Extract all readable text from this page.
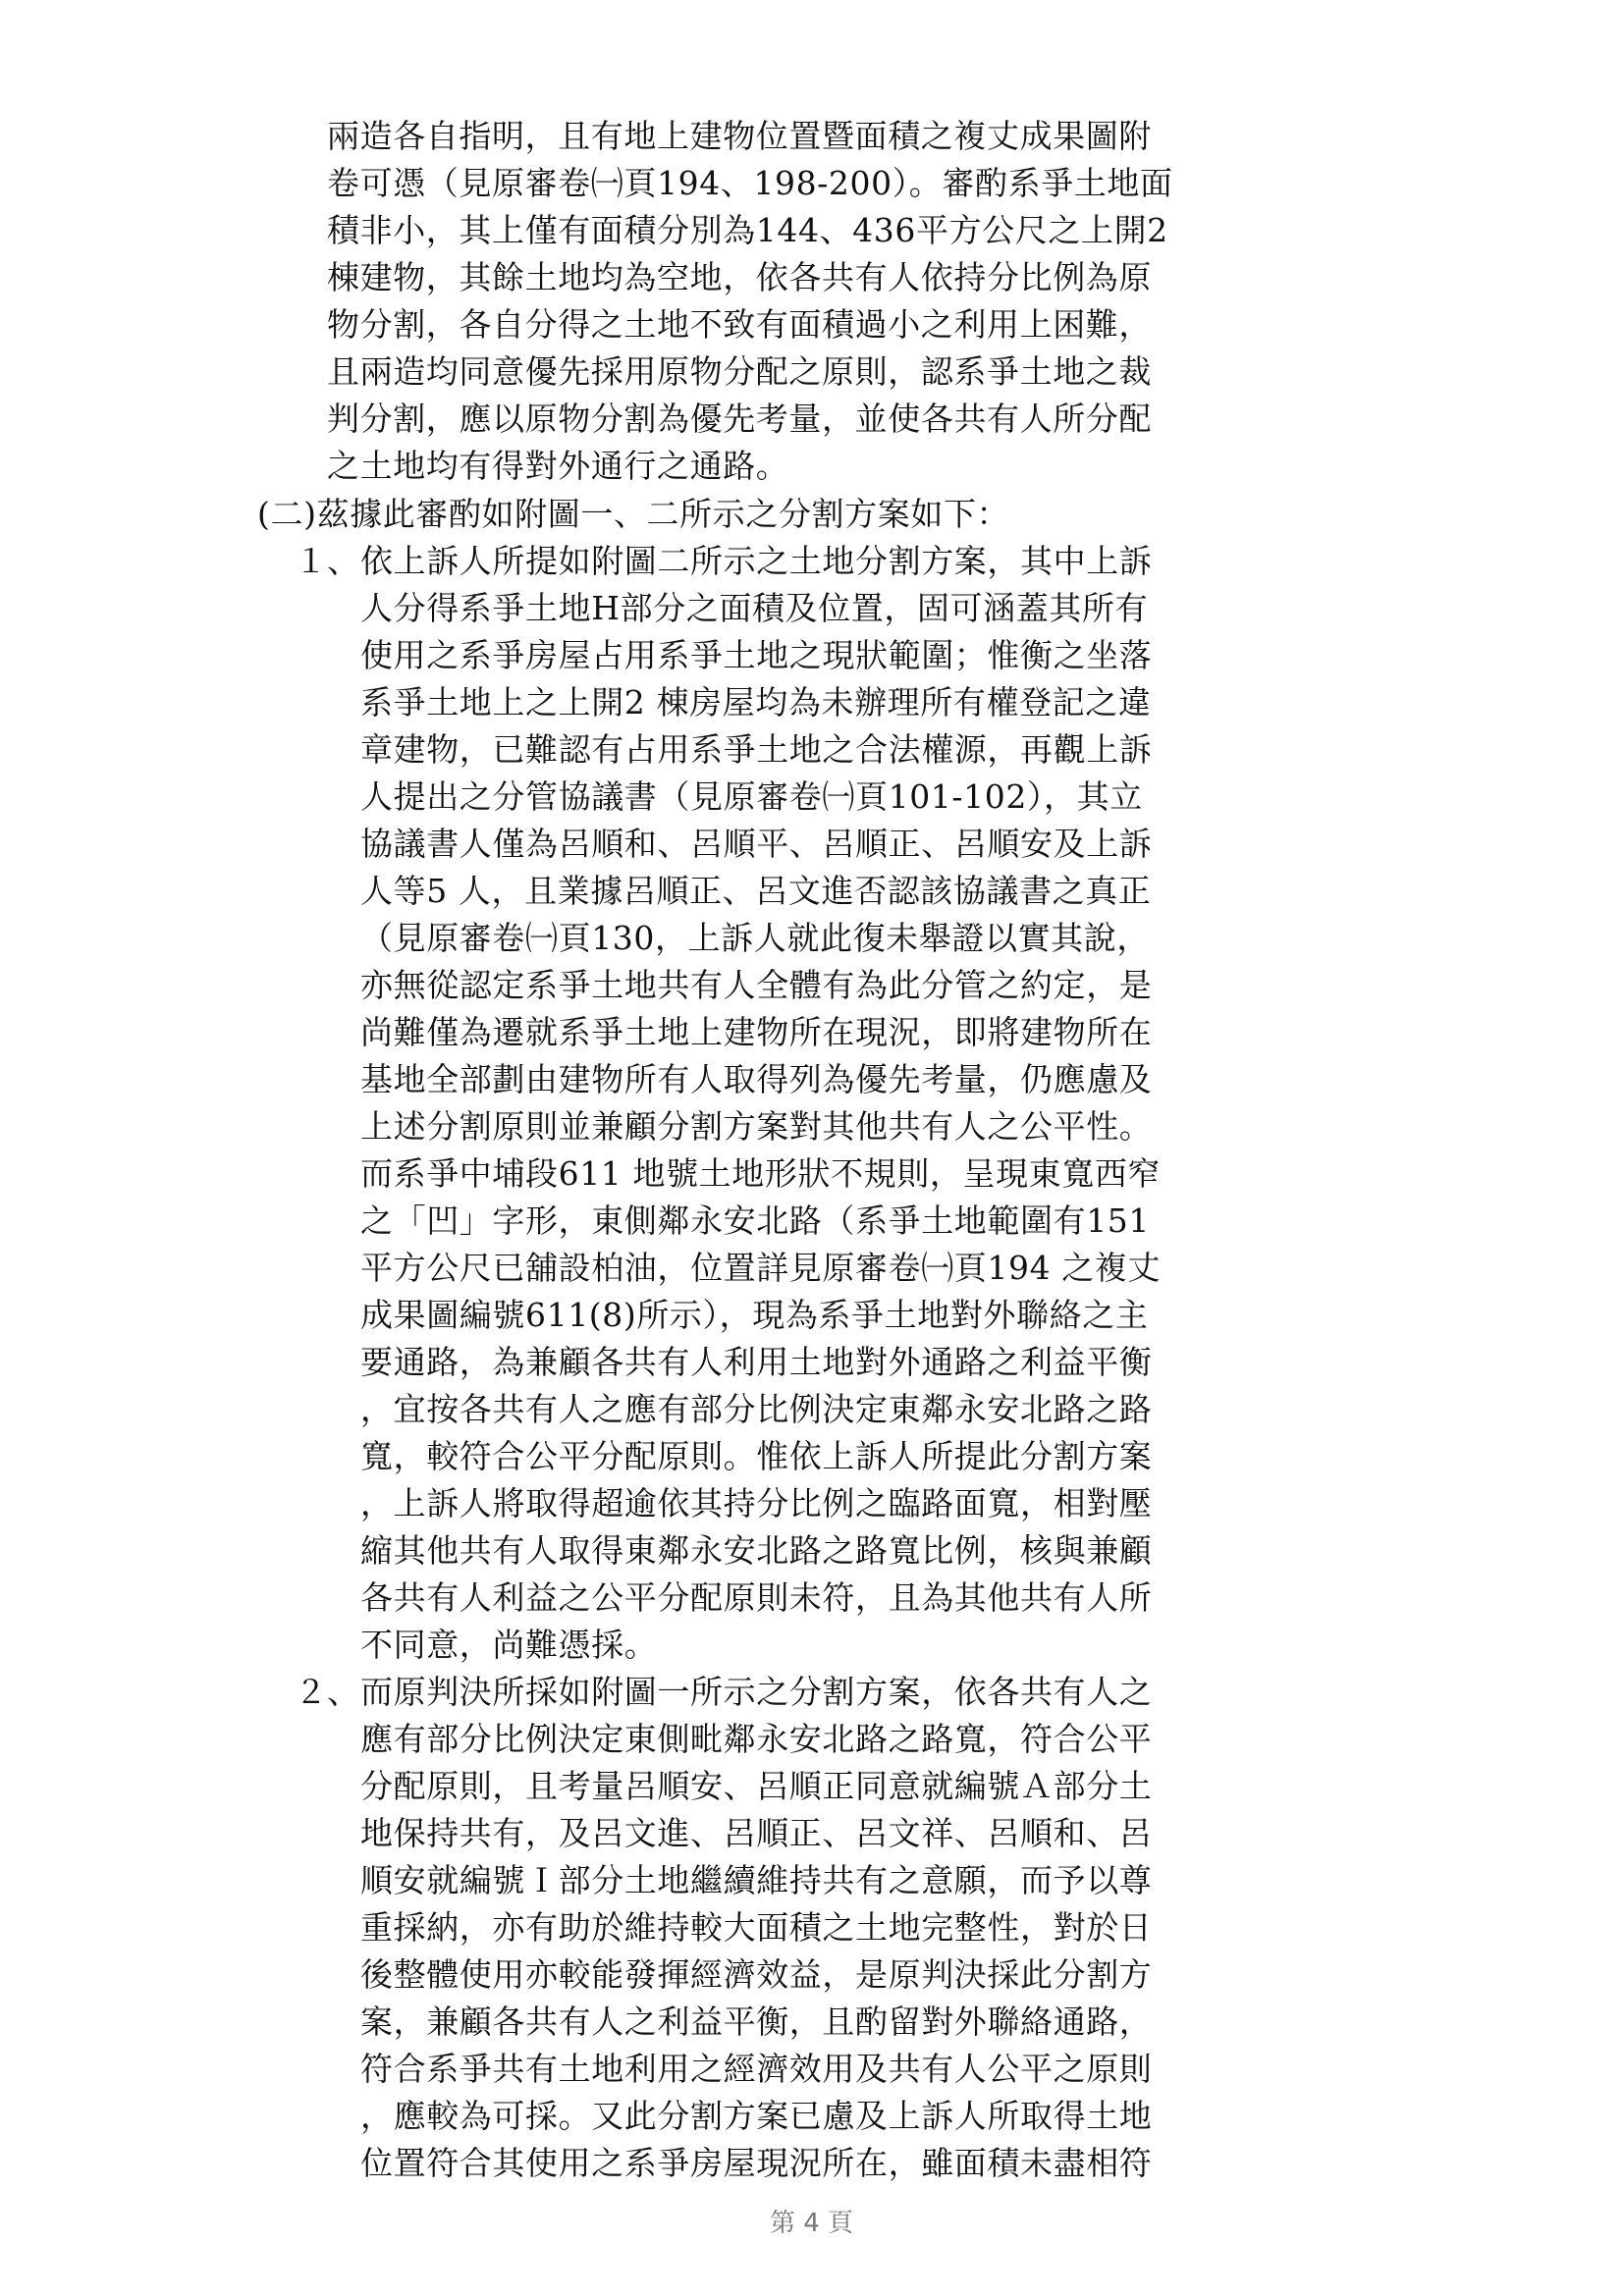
兩造各自指明，且有地上建物位置暨面積之複丈成果圖附
卷可憑（見原審卷㈠頁194、198-200）。審酌系爭土地面
積非小，其上僅有面積分別為144、436平方公尺之上開2
棟建物，其餘土地均為空地，依各共有人依持分比例為原
物分割，各自分得之土地不致有面積過小之利用上困難，
且兩造均同意優先採用原物分配之原則，認系爭土地之裁
判分割，應以原物分割為優先考量，並使各共有人所分配
之土地均有得對外通行之通路。
(二)茲據此審酌如附圖一、二所示之分割方案如下：
１、 依上訴人所提如附圖二所示之土地分割方案，其中上訴
人分得系爭土地H部分之面積及位置，固可涵蓋其所有
使用之系爭房屋占用系爭土地之現狀範圍；惟衡之坐落
系爭土地上之上開2 棟房屋均為未辦理所有權登記之違
章建物，已難認有占用系爭土地之合法權源，再觀上訴
人提出之分管協議書（見原審卷㈠頁101-102），其立
協議書人僅為呂順和、呂順平、呂順正、呂順安及上訴
人等5 人，且業據呂順正、呂文進否認該協議書之真正
（見原審卷㈠頁130，上訴人就此復未舉證以實其說，
亦無從認定系爭土地共有人全體有為此分管之約定，是
尚難僅為遷就系爭土地上建物所在現況，即將建物所在
基地全部劃由建物所有人取得列為優先考量，仍應慮及
上述分割原則並兼顧分割方案對其他共有人之公平性。
而系爭中埔段611 地號土地形狀不規則，呈現東寬西窄
之「凹」字形，東側鄰永安北路（系爭土地範圍有151
平方公尺已舖設柏油，位置詳見原審卷㈠頁194 之複丈
成果圖編號611(8)所示），現為系爭土地對外聯絡之主
要通路，為兼顧各共有人利用土地對外通路之利益平衡
，宜按各共有人之應有部分比例決定東鄰永安北路之路
寬，較符合公平分配原則。惟依上訴人所提此分割方案
，上訴人將取得超逾依其持分比例之臨路面寬，相對壓
縮其他共有人取得東鄰永安北路之路寬比例，核與兼顧
各共有人利益之公平分配原則未符，且為其他共有人所
不同意，尚難憑採。
２、 而原判決所採如附圖一所示之分割方案，依各共有人之
應有部分比例決定東側毗鄰永安北路之路寬，符合公平
分配原則，且考量呂順安、呂順正同意就編號Ａ部分土
地保持共有，及呂文進、呂順正、呂文祥、呂順和、呂
順安就編號Ｉ部分土地繼續維持共有之意願，而予以尊
重採納，亦有助於維持較大面積之土地完整性，對於日
後整體使用亦較能發揮經濟效益，是原判決採此分割方
案，兼顧各共有人之利益平衡，且酌留對外聯絡通路，
符合系爭共有土地利用之經濟效用及共有人公平之原則
，應較為可採。又此分割方案已慮及上訴人所取得土地
位置符合其使用之系爭房屋現況所在，雖面積未盡相符
第 4 頁
